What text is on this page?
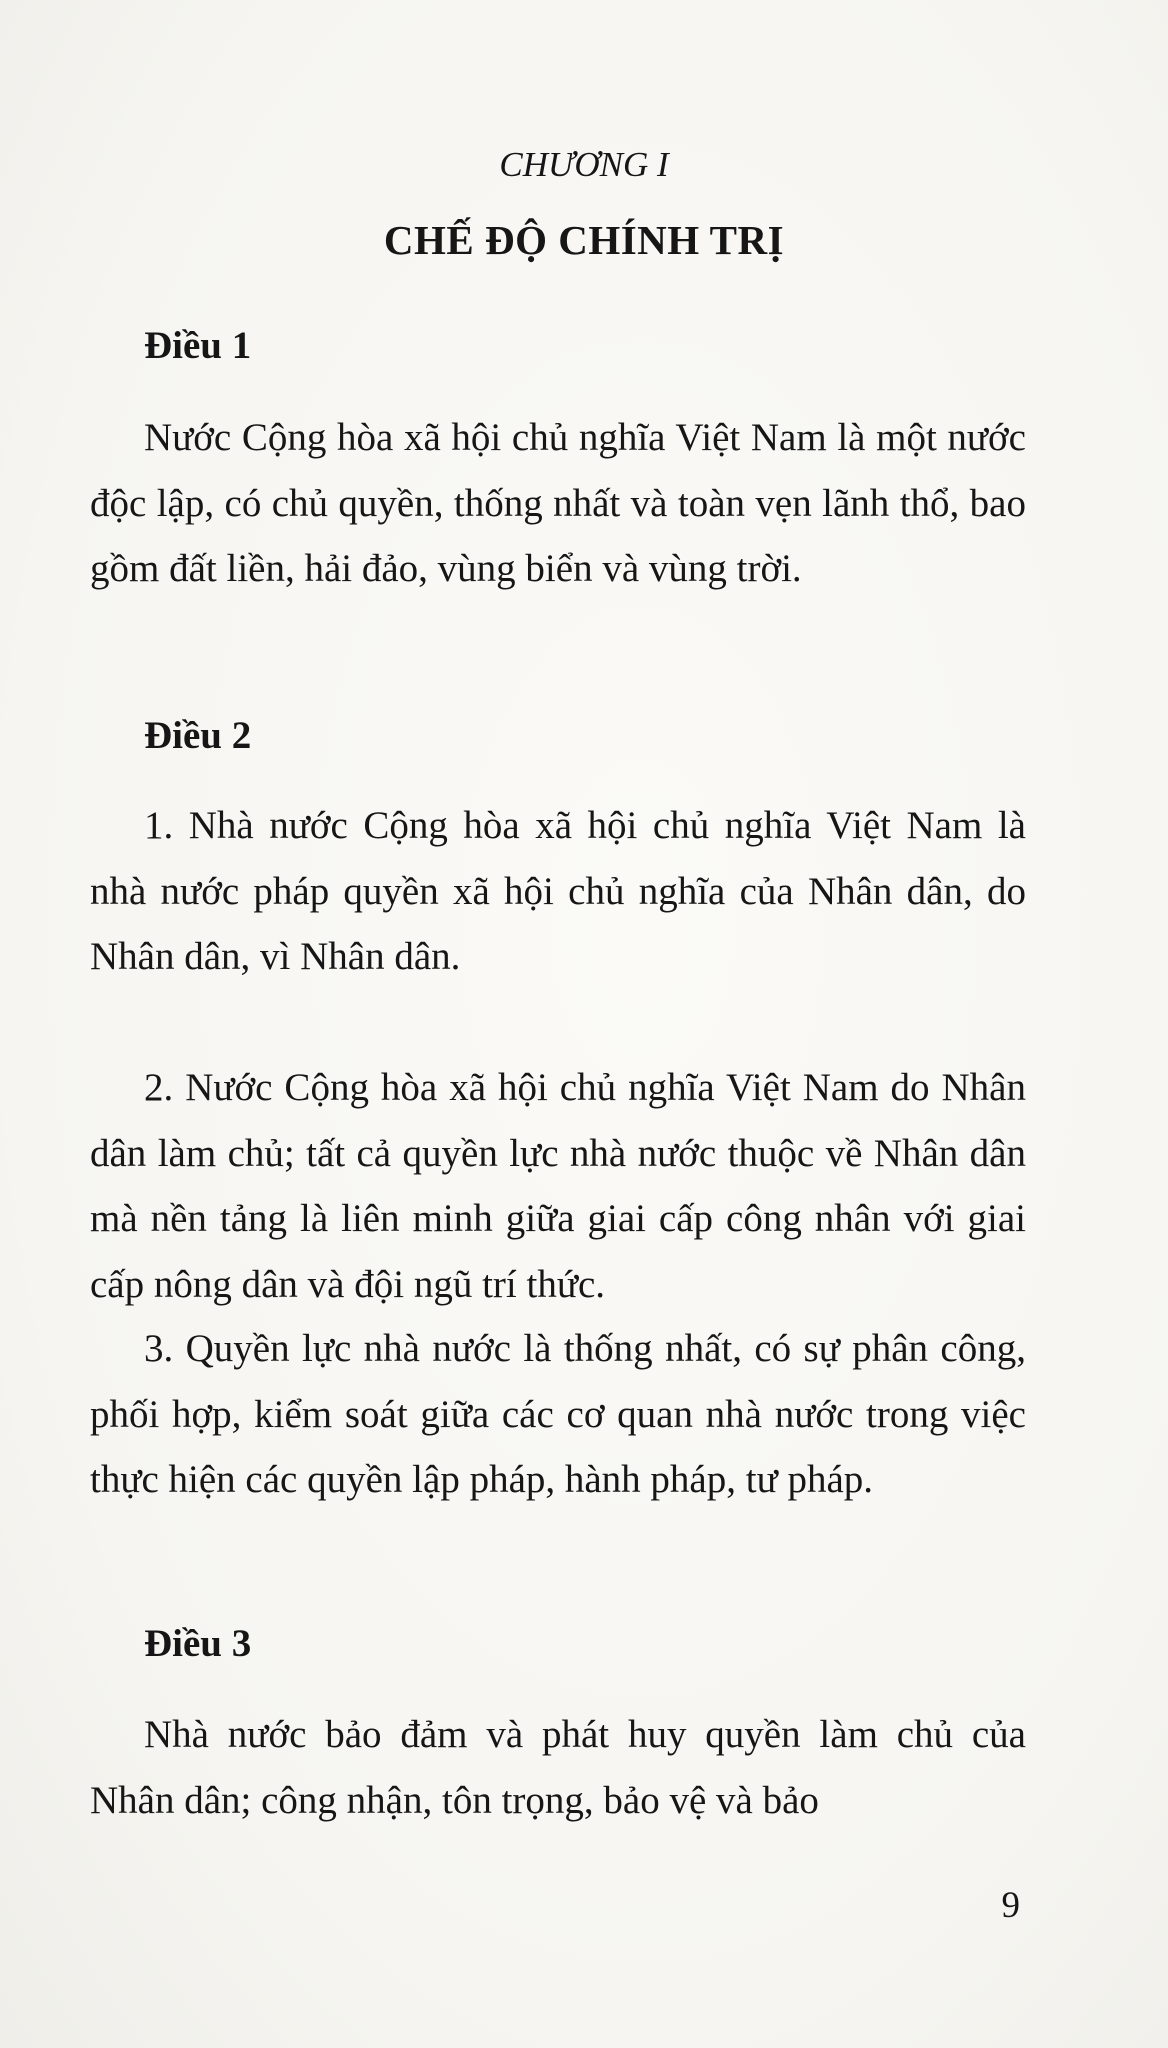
CHƯƠNG I
CHẾ ĐỘ CHÍNH TRỊ
Điều 1

Nước Cộng hòa xã hội chủ nghĩa Việt Nam là một nước độc lập, có chủ quyền, thống nhất và toàn vẹn lãnh thổ, bao gồm đất liền, hải đảo, vùng biển và vùng trời.

Điều 2

1. Nhà nước Cộng hòa xã hội chủ nghĩa Việt Nam là nhà nước pháp quyền xã hội chủ nghĩa của Nhân dân, do Nhân dân, vì Nhân dân.

2. Nước Cộng hòa xã hội chủ nghĩa Việt Nam do Nhân dân làm chủ; tất cả quyền lực nhà nước thuộc về Nhân dân mà nền tảng là liên minh giữa giai cấp công nhân với giai cấp nông dân và đội ngũ trí thức.

3. Quyền lực nhà nước là thống nhất, có sự phân công, phối hợp, kiểm soát giữa các cơ quan nhà nước trong việc thực hiện các quyền lập pháp, hành pháp, tư pháp.

Điều 3

Nhà nước bảo đảm và phát huy quyền làm chủ của Nhân dân; công nhận, tôn trọng, bảo vệ và bảo

9
